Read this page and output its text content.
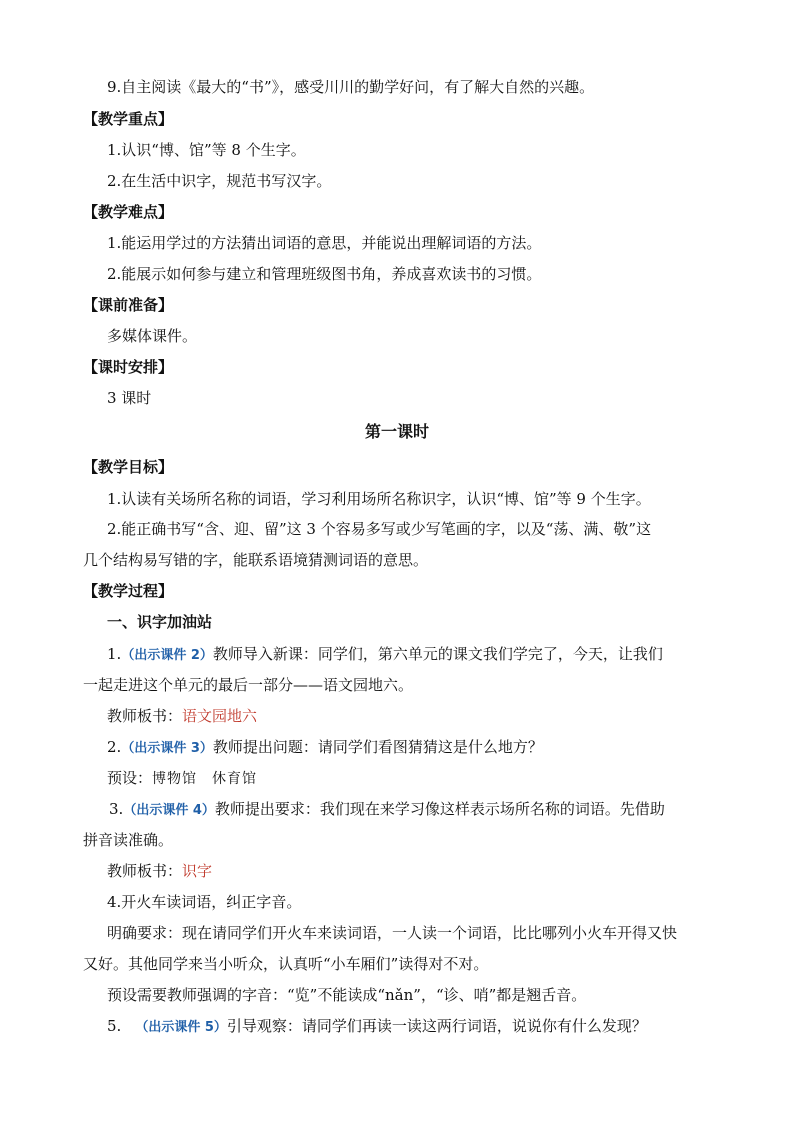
9.自主阅读《最大的“书”》，感受川川的勤学好问，有了解大自然的兴趣。
【教学重点】
1.认识“博、馆”等 8 个生字。
2.在生活中识字，规范书写汉字。
【教学难点】
1.能运用学过的方法猜出词语的意思，并能说出理解词语的方法。
2.能展示如何参与建立和管理班级图书角，养成喜欢读书的习惯。
【课前准备】
多媒体课件。
【课时安排】
3 课时
第一课时
【教学目标】
1.认读有关场所名称的词语，学习利用场所名称识字，认识“博、馆”等 9 个生字。
2.能正确书写“含、迎、留”这 3 个容易多写或少写笔画的字，以及“荡、满、敬”这
几个结构易写错的字，能联系语境猜测词语的意思。
【教学过程】
一、识字加油站
1.（出示课件 2）教师导入新课：同学们，第六单元的课文我们学完了，今天，让我们
一起走进这个单元的最后一部分——语文园地六。
教师板书：语文园地六
2.（出示课件 3）教师提出问题：请同学们看图猜猜这是什么地方？
预设：博物馆　休育馆
3.（出示课件 4）教师提出要求：我们现在来学习像这样表示场所名称的词语。先借助
拼音读准确。
教师板书：识字
4.开火车读词语，纠正字音。
明确要求：现在请同学们开火车来读词语，一人读一个词语，比比哪列小火车开得又快
又好。其他同学来当小听众，认真听“小车厢们”读得对不对。
预设需要教师强调的字音：“览”不能读成“nǎn”，“诊、哨”都是翘舌音。
5. （出示课件 5）引导观察：请同学们再读一读这两行词语，说说你有什么发现？
